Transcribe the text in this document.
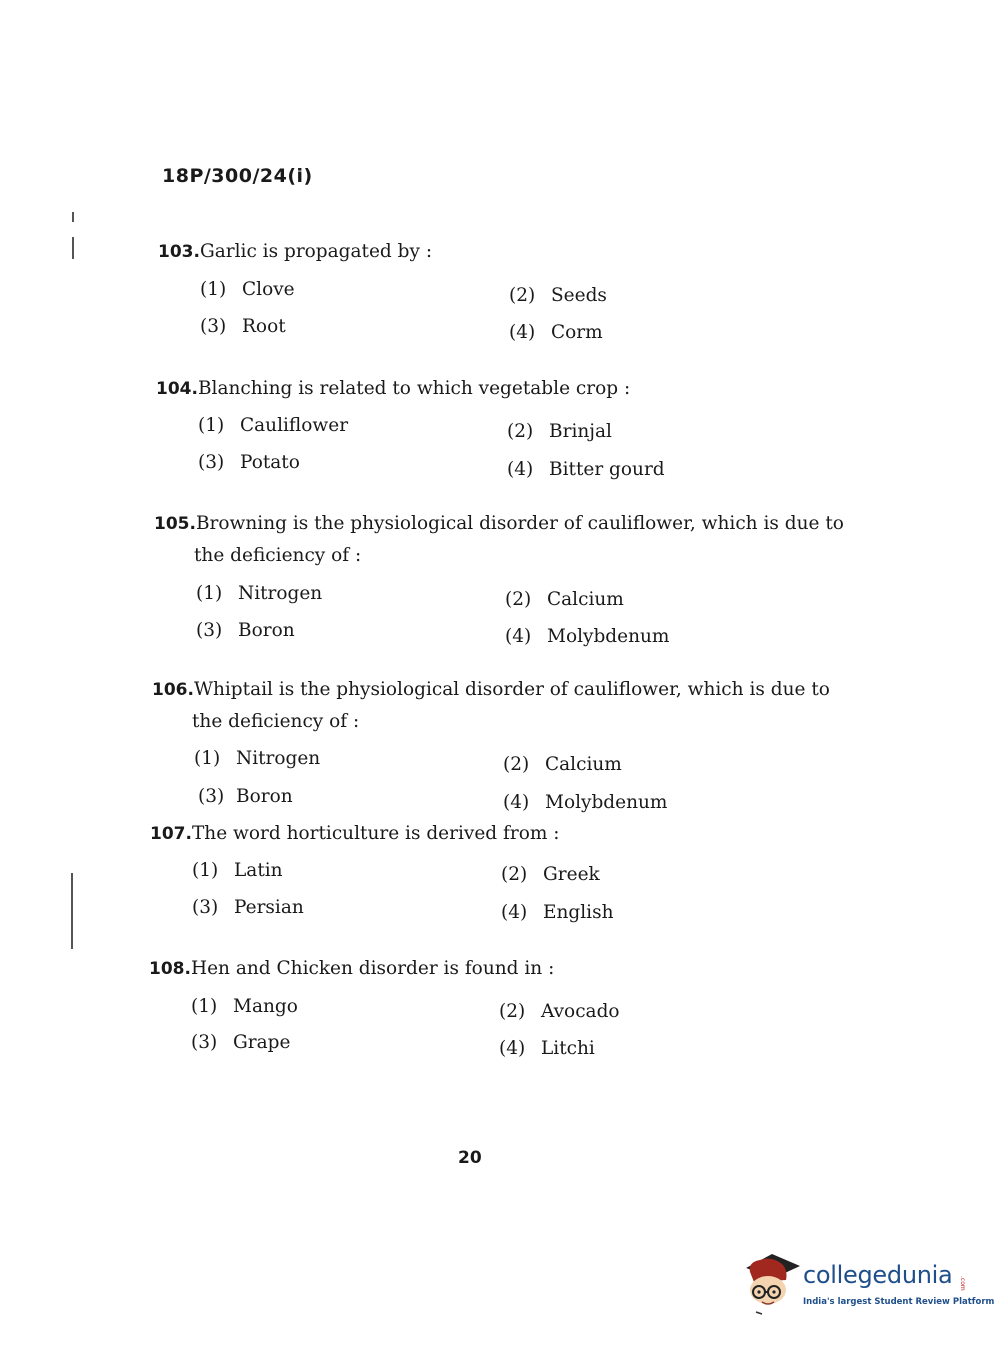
18P/300/24(i)
103.Garlic is propagated by :
(1) Clove	(2) Seeds
(3) Root	(4) Corm
104.Blanching is related to which vegetable crop :
(1) Cauliflower	(2) Brinjal
(3) Potato	(4) Bitter gourd
105.Browning is the physiological disorder of cauliflower, which is due to
the deficiency of :
(1) Nitrogen	(2) Calcium
(3) Boron	(4) Molybdenum
106.Whiptail is the physiological disorder of cauliflower, which is due to
the deficiency of :
(1) Nitrogen	(2) Calcium
(3) Boron	(4) Molybdenum
107.The word horticulture is derived from :
(1) Latin	(2) Greek
(3) Persian	(4) English
108.Hen and Chicken disorder is found in :
(1) Mango	(2) Avocado
(3) Grape	(4) Litchi
20
collegedunia .com
India's largest Student Review Platform
